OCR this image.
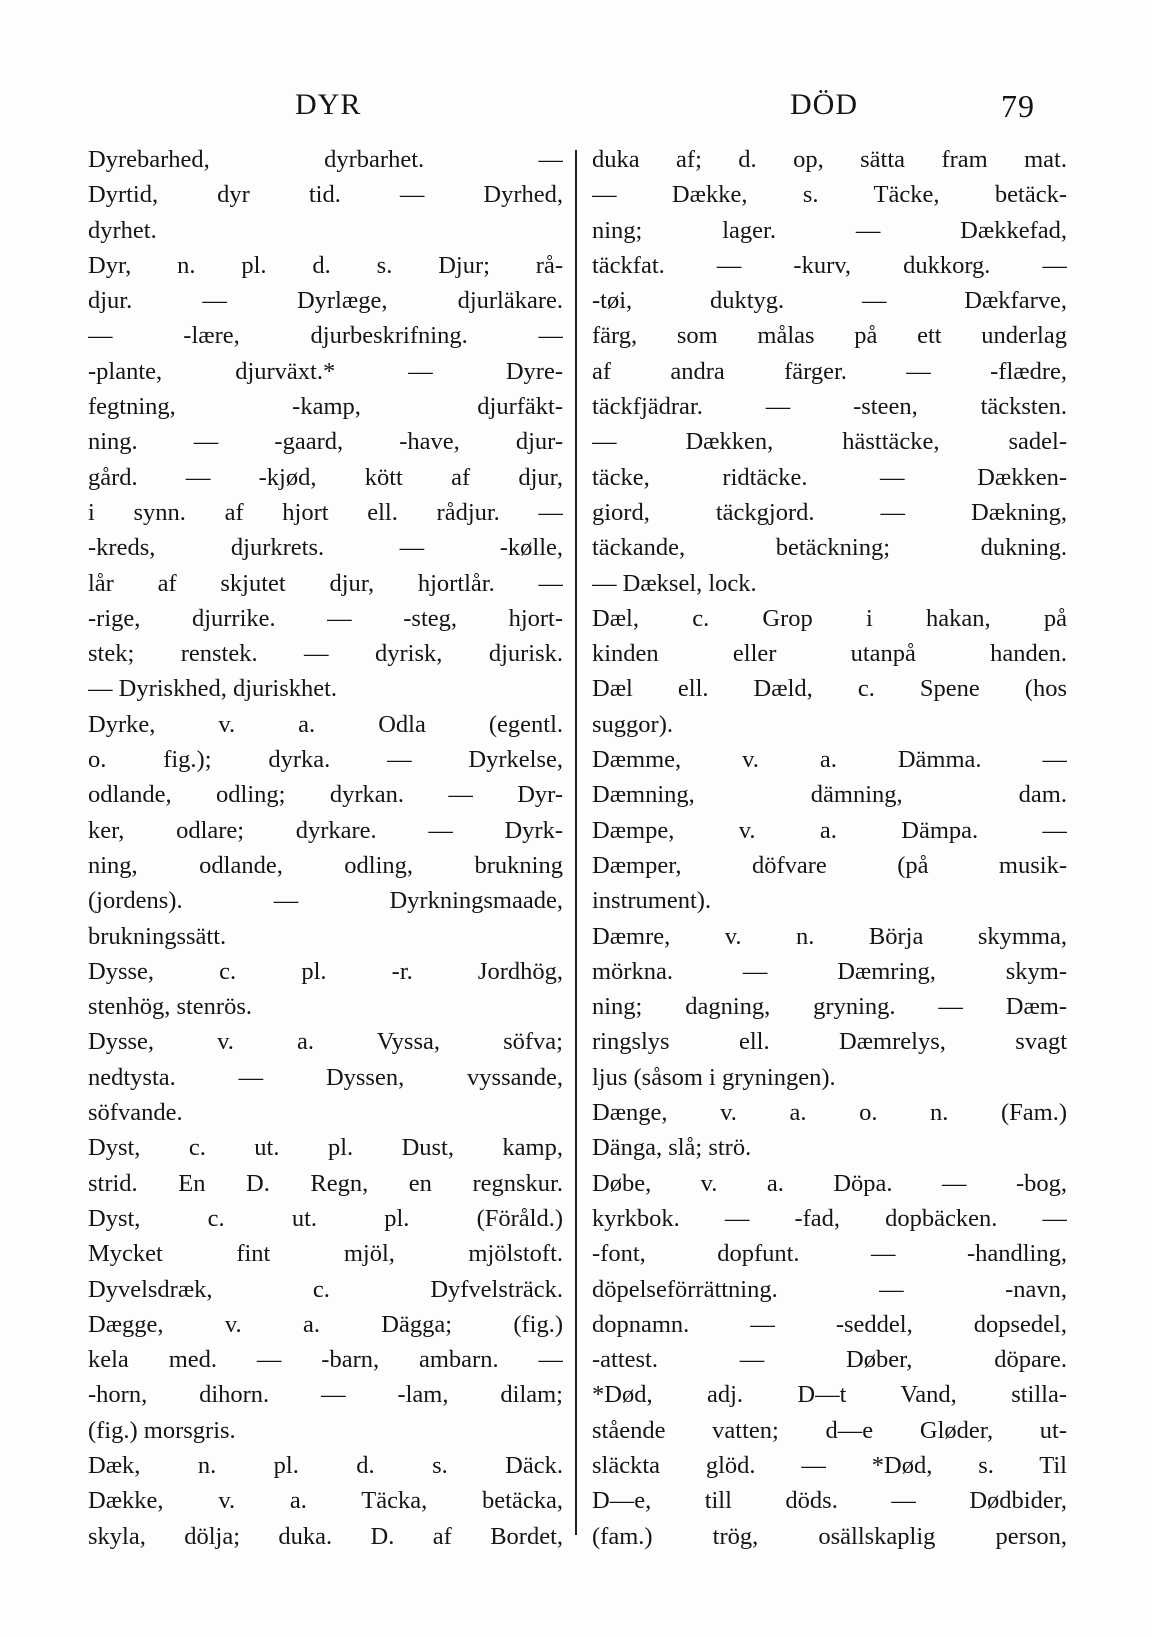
DYR	DÖD	79
Dyrebarhed, dyrbarhet. —
Dyrtid, dyr tid. — Dyrhed,
dyrhet.
Dyr, n. pl. d. s. Djur; rå-
djur. — Dyrlæge, djurläkare.
— -lære, djurbeskrifning. —
-plante, djurväxt.* — Dyre-
fegtning, -kamp, djurfäkt-
ning. — -gaard, -have, djur-
gård. — -kjød, kött af djur,
i synn. af hjort ell. rådjur. —
-kreds, djurkrets. — -kølle,
lår af skjutet djur, hjortlår. —
-rige, djurrike. — -steg, hjort-
stek; renstek. — dyrisk, djurisk.
— Dyriskhed, djuriskhet.
Dyrke, v. a. Odla (egentl.
o. fig.); dyrka. — Dyrkelse,
odlande, odling; dyrkan. — Dyr-
ker, odlare; dyrkare. — Dyrk-
ning, odlande, odling, brukning
(jordens). — Dyrkningsmaade,
brukningssätt.
Dysse, c. pl. -r. Jordhög,
stenhög, stenrös.
Dysse, v. a. Vyssa, söfva;
nedtysta. — Dyssen, vyssande,
söfvande.
Dyst, c. ut. pl. Dust, kamp,
strid. En D. Regn, en regnskur.
Dyst, c. ut. pl. (Föråld.)
Mycket fint mjöl, mjölstoft.
Dyvelsdræk, c. Dyfvelsträck.
Dægge, v. a. Dägga; (fig.)
kela med. — -barn, ambarn. —
-horn, dihorn. — -lam, dilam;
(fig.) morsgris.
Dæk, n. pl. d. s. Däck.
Dække, v. a. Täcka, betäcka,
skyla, dölja; duka. D. af Bordet,
duka af; d. op, sätta fram mat.
— Dække, s. Täcke, betäck-
ning; lager. — Dækkefad,
täckfat. — -kurv, dukkorg. —
-tøi, duktyg. — Dækfarve,
färg, som målas på ett underlag
af andra färger. — -flædre,
täckfjädrar. — -steen, täcksten.
— Dækken, hästtäcke, sadel-
täcke, ridtäcke. — Dækken-
giord, täckgjord. — Dækning,
täckande, betäckning; dukning.
— Dæksel, lock.
Dæl, c. Grop i hakan, på
kinden eller utanpå handen.
Dæl ell. Dæld, c. Spene (hos
suggor).
Dæmme, v. a. Dämma. —
Dæmning, dämning, dam.
Dæmpe, v. a. Dämpa. —
Dæmper, döfvare (på musik-
instrument).
Dæmre, v. n. Börja skymma,
mörkna. — Dæmring, skym-
ning; dagning, gryning. — Dæm-
ringslys ell. Dæmrelys, svagt
ljus (såsom i gryningen).
Dænge, v. a. o. n. (Fam.)
Dänga, slå; strö.
Døbe, v. a. Döpa. — -bog,
kyrkbok. — -fad, dopbäcken. —
-font, dopfunt. — -handling,
döpelseförrättning. — -navn,
dopnamn. — -seddel, dopsedel,
-attest. — Døber, döpare.
*Død, adj. D—t Vand, stilla-
stående vatten; d—e Gløder, ut-
släckta glöd. — *Død, s. Til
D—e, till döds. — Dødbider,
(fam.) trög, osällskaplig person,
